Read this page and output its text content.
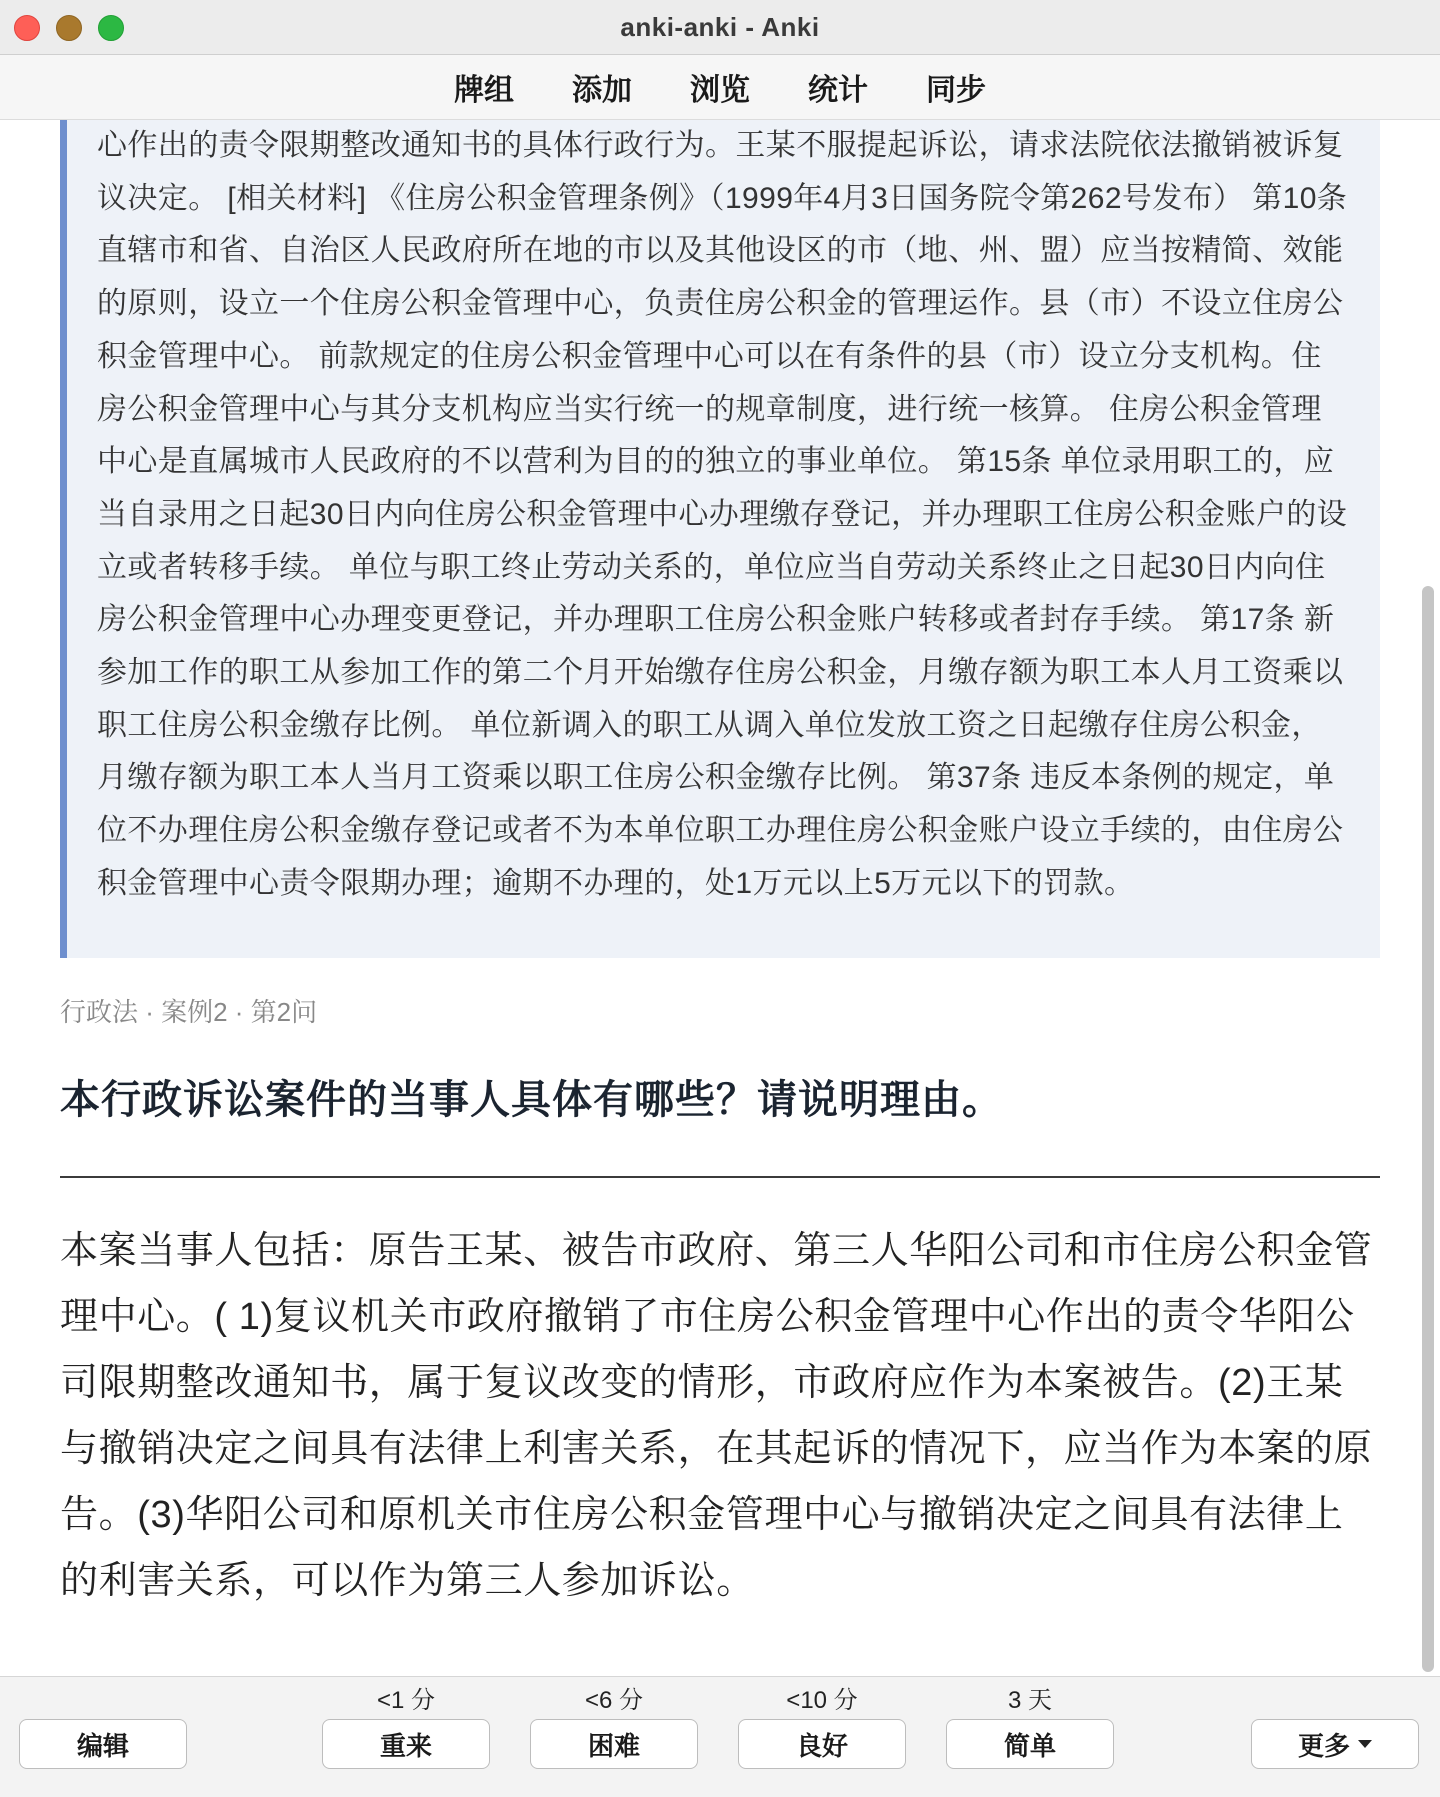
anki-anki - Anki
牌组 添加 浏览 统计 同步

心作出的责令限期整改通知书的具体行政行为。王某不服提起诉讼，请求法院依法撤销被诉复议决定。 [相关材料] 《住房公积金管理条例》（1999年4月3日国务院令第262号发布） 第10条 直辖市和省、自治区人民政府所在地的市以及其他设区的市（地、州、盟）应当按精简、效能的原则，设立一个住房公积金管理中心，负责住房公积金的管理运作。县（市）不设立住房公积金管理中心。 前款规定的住房公积金管理中心可以在有条件的县（市）设立分支机构。住房公积金管理中心与其分支机构应当实行统一的规章制度，进行统一核算。 住房公积金管理中心是直属城市人民政府的不以营利为目的的独立的事业单位。 第15条 单位录用职工的，应当自录用之日起30日内向住房公积金管理中心办理缴存登记，并办理职工住房公积金账户的设立或者转移手续。 单位与职工终止劳动关系的，单位应当自劳动关系终止之日起30日内向住房公积金管理中心办理变更登记，并办理职工住房公积金账户转移或者封存手续。 第17条 新参加工作的职工从参加工作的第二个月开始缴存住房公积金，月缴存额为职工本人月工资乘以职工住房公积金缴存比例。 单位新调入的职工从调入单位发放工资之日起缴存住房公积金，月缴存额为职工本人当月工资乘以职工住房公积金缴存比例。 第37条 违反本条例的规定，单位不办理住房公积金缴存登记或者不为本单位职工办理住房公积金账户设立手续的，由住房公积金管理中心责令限期办理；逾期不办理的，处1万元以上5万元以下的罚款。

行政法 · 案例2 · 第2问
本行政诉讼案件的当事人具体有哪些？请说明理由。

本案当事人包括：原告王某、被告市政府、第三人华阳公司和市住房公积金管理中心。( 1)复议机关市政府撤销了市住房公积金管理中心作出的责令华阳公司限期整改通知书，属于复议改变的情形，市政府应作为本案被告。(2)王某与撤销决定之间具有法律上利害关系，在其起诉的情况下，应当作为本案的原告。(3)华阳公司和原机关市住房公积金管理中心与撤销决定之间具有法律上的利害关系，可以作为第三人参加诉讼。

编辑
<1 分
重来
<6 分
困难
<10 分
良好
3 天
简单	更多
